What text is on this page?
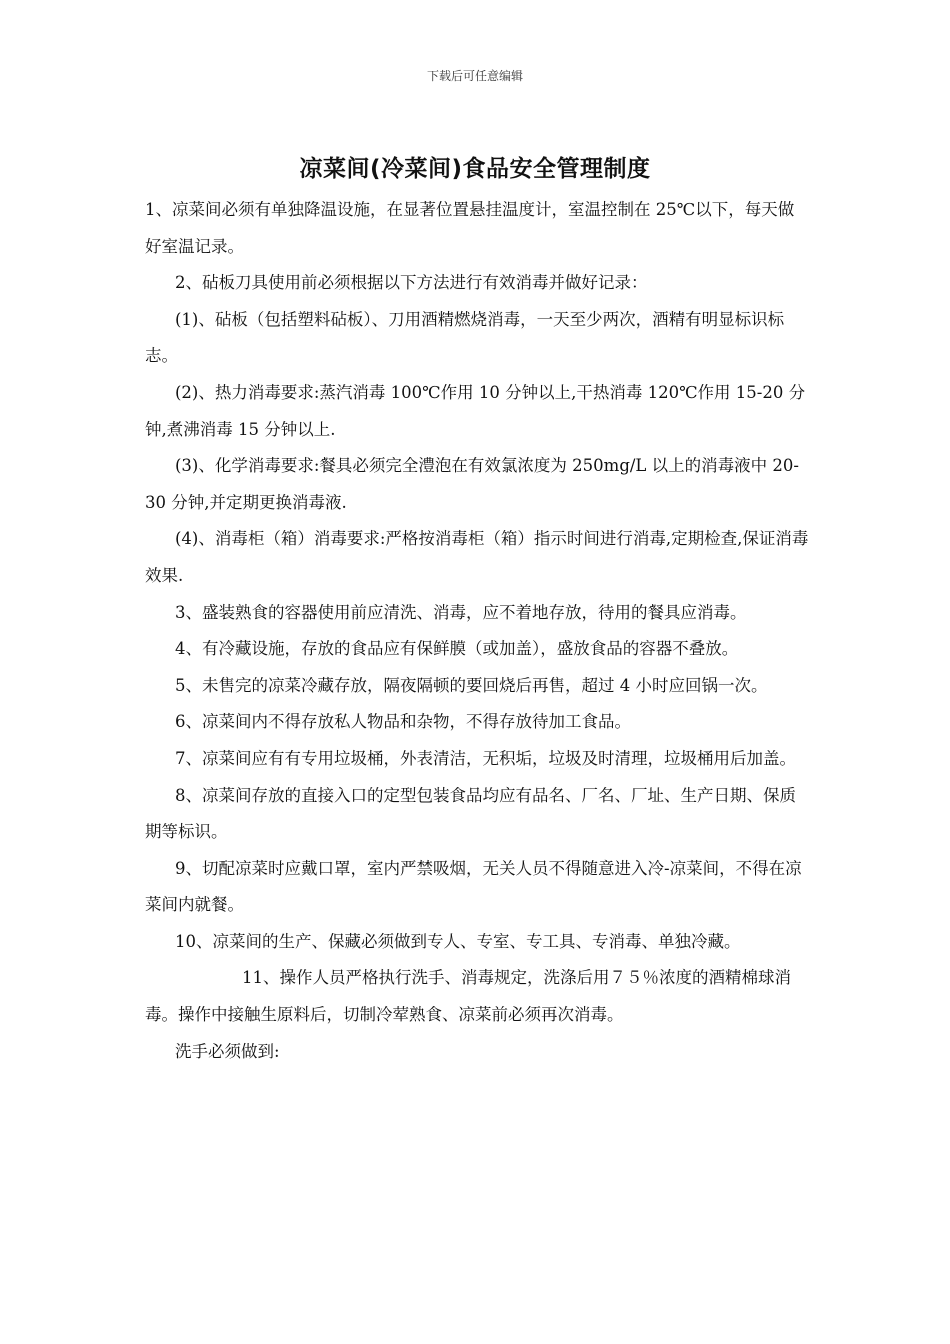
下载后可任意编辑
凉菜间(冷菜间)食品安全管理制度

1、凉菜间必须有单独降温设施，在显著位置悬挂温度计，室温控制在 25℃以下，每天做好室温记录。

2、砧板刀具使用前必须根据以下方法进行有效消毒并做好记录：

(1)、砧板（包括塑料砧板）、刀用酒精燃烧消毒，一天至少两次，酒精有明显标识标志。

(2)、热力消毒要求:蒸汽消毒 100℃作用 10 分钟以上,干热消毒 120℃作用 15-20 分钟,煮沸消毒 15 分钟以上.

(3)、化学消毒要求:餐具必须完全澧泡在有效氯浓度为 250mg/L 以上的消毒液中 20-30 分钟,并定期更换消毒液.

(4)、消毒柜（箱）消毒要求:严格按消毒柜（箱）指示时间进行消毒,定期检查,保证消毒效果.

3、盛装熟食的容器使用前应清洗、消毒，应不着地存放，待用的餐具应消毒。

4、有冷藏设施，存放的食品应有保鲜膜（或加盖），盛放食品的容器不叠放。

5、未售完的凉菜冷藏存放，隔夜隔顿的要回烧后再售，超过 4 小时应回锅一次。

6、凉菜间内不得存放私人物品和杂物，不得存放待加工食品。

7、凉菜间应有有专用垃圾桶，外表清洁，无积垢，垃圾及时清理，垃圾桶用后加盖。

8、凉菜间存放的直接入口的定型包装食品均应有品名、厂名、厂址、生产日期、保质期等标识。

9、切配凉菜时应戴口罩，室内严禁吸烟，无关人员不得随意进入冷-凉菜间，不得在凉菜间内就餐。

10、凉菜间的生产、保藏必须做到专人、专室、专工具、专消毒、单独冷藏。

11、操作人员严格执行洗手、消毒规定，洗涤后用７５％浓度的酒精棉球消毒。操作中接触生原料后，切制冷荤熟食、凉菜前必须再次消毒。

洗手必须做到:
